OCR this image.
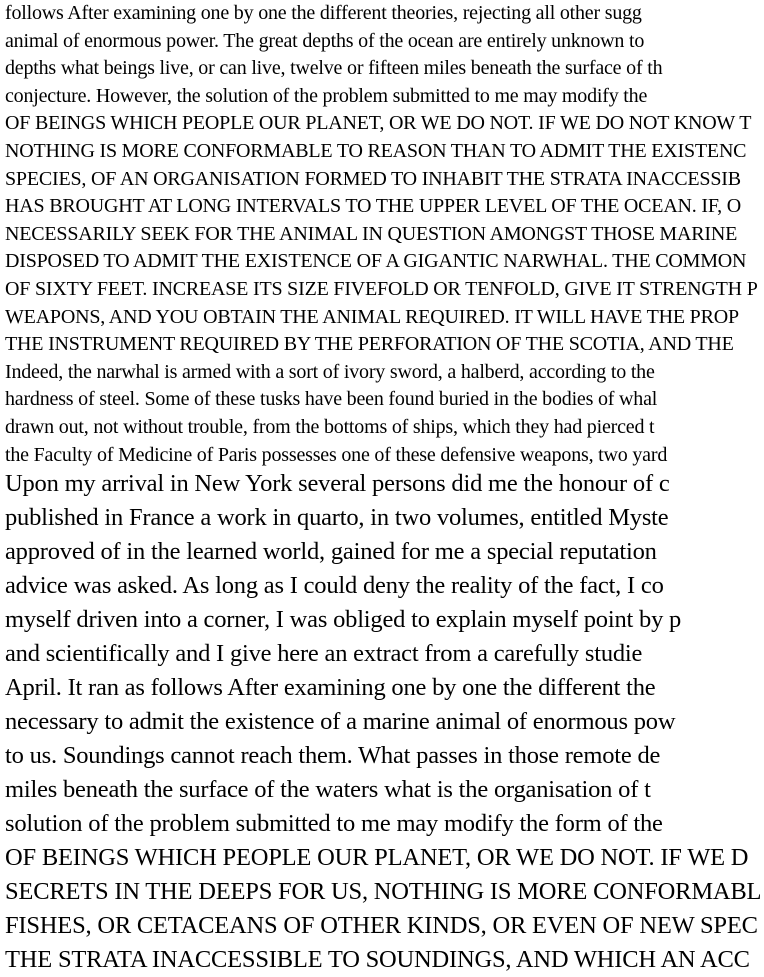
follows After examining one by one the different theories, rejecting all other sugg
animal of enormous power. The great depths of the ocean are entirely unknown to
depths what beings live, or can live, twelve or fifteen miles beneath the surface of th
conjecture. However, the solution of the problem submitted to me may modify the
OF BEINGS WHICH PEOPLE OUR PLANET, OR WE DO NOT. IF WE DO NOT KNOW T
NOTHING IS MORE CONFORMABLE TO REASON THAN TO ADMIT THE EXISTENC
SPECIES, OF AN ORGANISATION FORMED TO INHABIT THE STRATA INACCESSIB
HAS BROUGHT AT LONG INTERVALS TO THE UPPER LEVEL OF THE OCEAN. IF, O
NECESSARILY SEEK FOR THE ANIMAL IN QUESTION AMONGST THOSE MARINE
DISPOSED TO ADMIT THE EXISTENCE OF A GIGANTIC NARWHAL. THE COMMON
OF SIXTY FEET. INCREASE ITS SIZE FIVEFOLD OR TENFOLD, GIVE IT STRENGTH P
WEAPONS, AND YOU OBTAIN THE ANIMAL REQUIRED. IT WILL HAVE THE PROP
THE INSTRUMENT REQUIRED BY THE PERFORATION OF THE SCOTIA, AND THE
Indeed, the narwhal is armed with a sort of ivory sword, a halberd, according to the
hardness of steel. Some of these tusks have been found buried in the bodies of whal
drawn out, not without trouble, from the bottoms of ships, which they had pierced t
the Faculty of Medicine of Paris possesses one of these defensive weapons, two yard
Upon my arrival in New York several persons did me the honour of c
published in France a work in quarto, in two volumes, entitled Myste
approved of in the learned world, gained for me a special reputation
advice was asked. As long as I could deny the reality of the fact, I co
myself driven into a corner, I was obliged to explain myself point by p
and scientifically and I give here an extract from a carefully studie
April. It ran as follows After examining one by one the different the
necessary to admit the existence of a marine animal of enormous pow
to us. Soundings cannot reach them. What passes in those remote de
miles beneath the surface of the waters what is the organisation of t
solution of the problem submitted to me may modify the form of the
OF BEINGS WHICH PEOPLE OUR PLANET, OR WE DO NOT. IF WE D
SECRETS IN THE DEEPS FOR US, NOTHING IS MORE CONFORMABL
FISHES, OR CETACEANS OF OTHER KINDS, OR EVEN OF NEW SPEC
THE STRATA INACCESSIBLE TO SOUNDINGS, AND WHICH AN ACC
